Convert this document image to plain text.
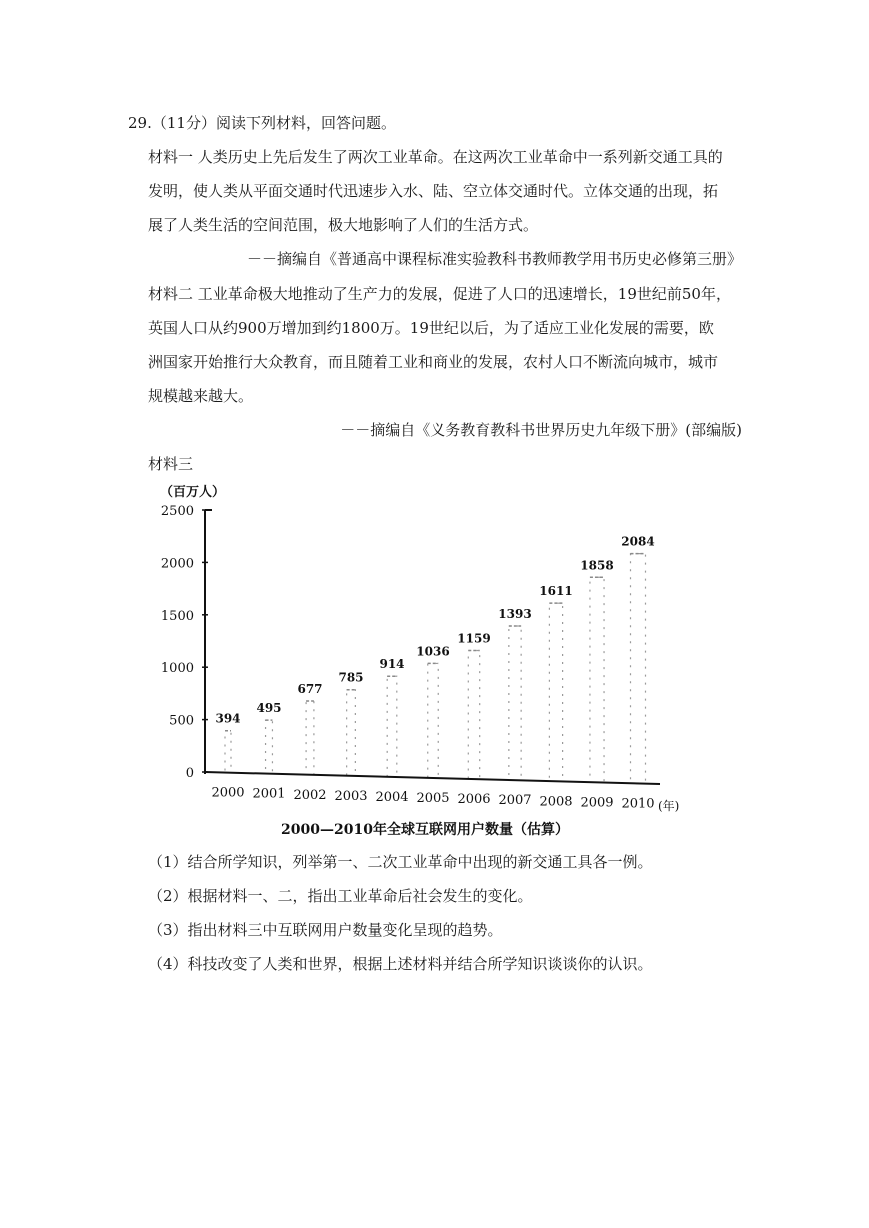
29.（11分）阅读下列材料，回答问题。
材料一 人类历史上先后发生了两次工业革命。在这两次工业革命中一系列新交通工具的
发明，使人类从平面交通时代迅速步入水、陆、空立体交通时代。立体交通的出现，拓
展了人类生活的空间范围，极大地影响了人们的生活方式。
－－摘编自《普通高中课程标准实验教科书教师教学用书历史必修第三册》
材料二 工业革命极大地推动了生产力的发展，促进了人口的迅速增长，19世纪前50年，
英国人口从约900万增加到约1800万。19世纪以后，为了适应工业化发展的需要，欧
洲国家开始推行大众教育，而且随着工业和商业的发展，农村人口不断流向城市，城市
规模越来越大。
－－摘编自《义务教育教科书世界历史九年级下册》(部编版)
材料三
（百万人）
0
500
1000
1500
2000
2500
394
495
677
785
914
1036
1159
1393
1611
1858
2084
2000 2001 2002 2003 2004 2005 2006 2007 2008 2009 2010 (年)
2000—2010年全球互联网用户数量（估算）
（1）结合所学知识，列举第一、二次工业革命中出现的新交通工具各一例。
（2）根据材料一、二，指出工业革命后社会发生的变化。
（3）指出材料三中互联网用户数量变化呈现的趋势。
（4）科技改变了人类和世界，根据上述材料并结合所学知识谈谈你的认识。
